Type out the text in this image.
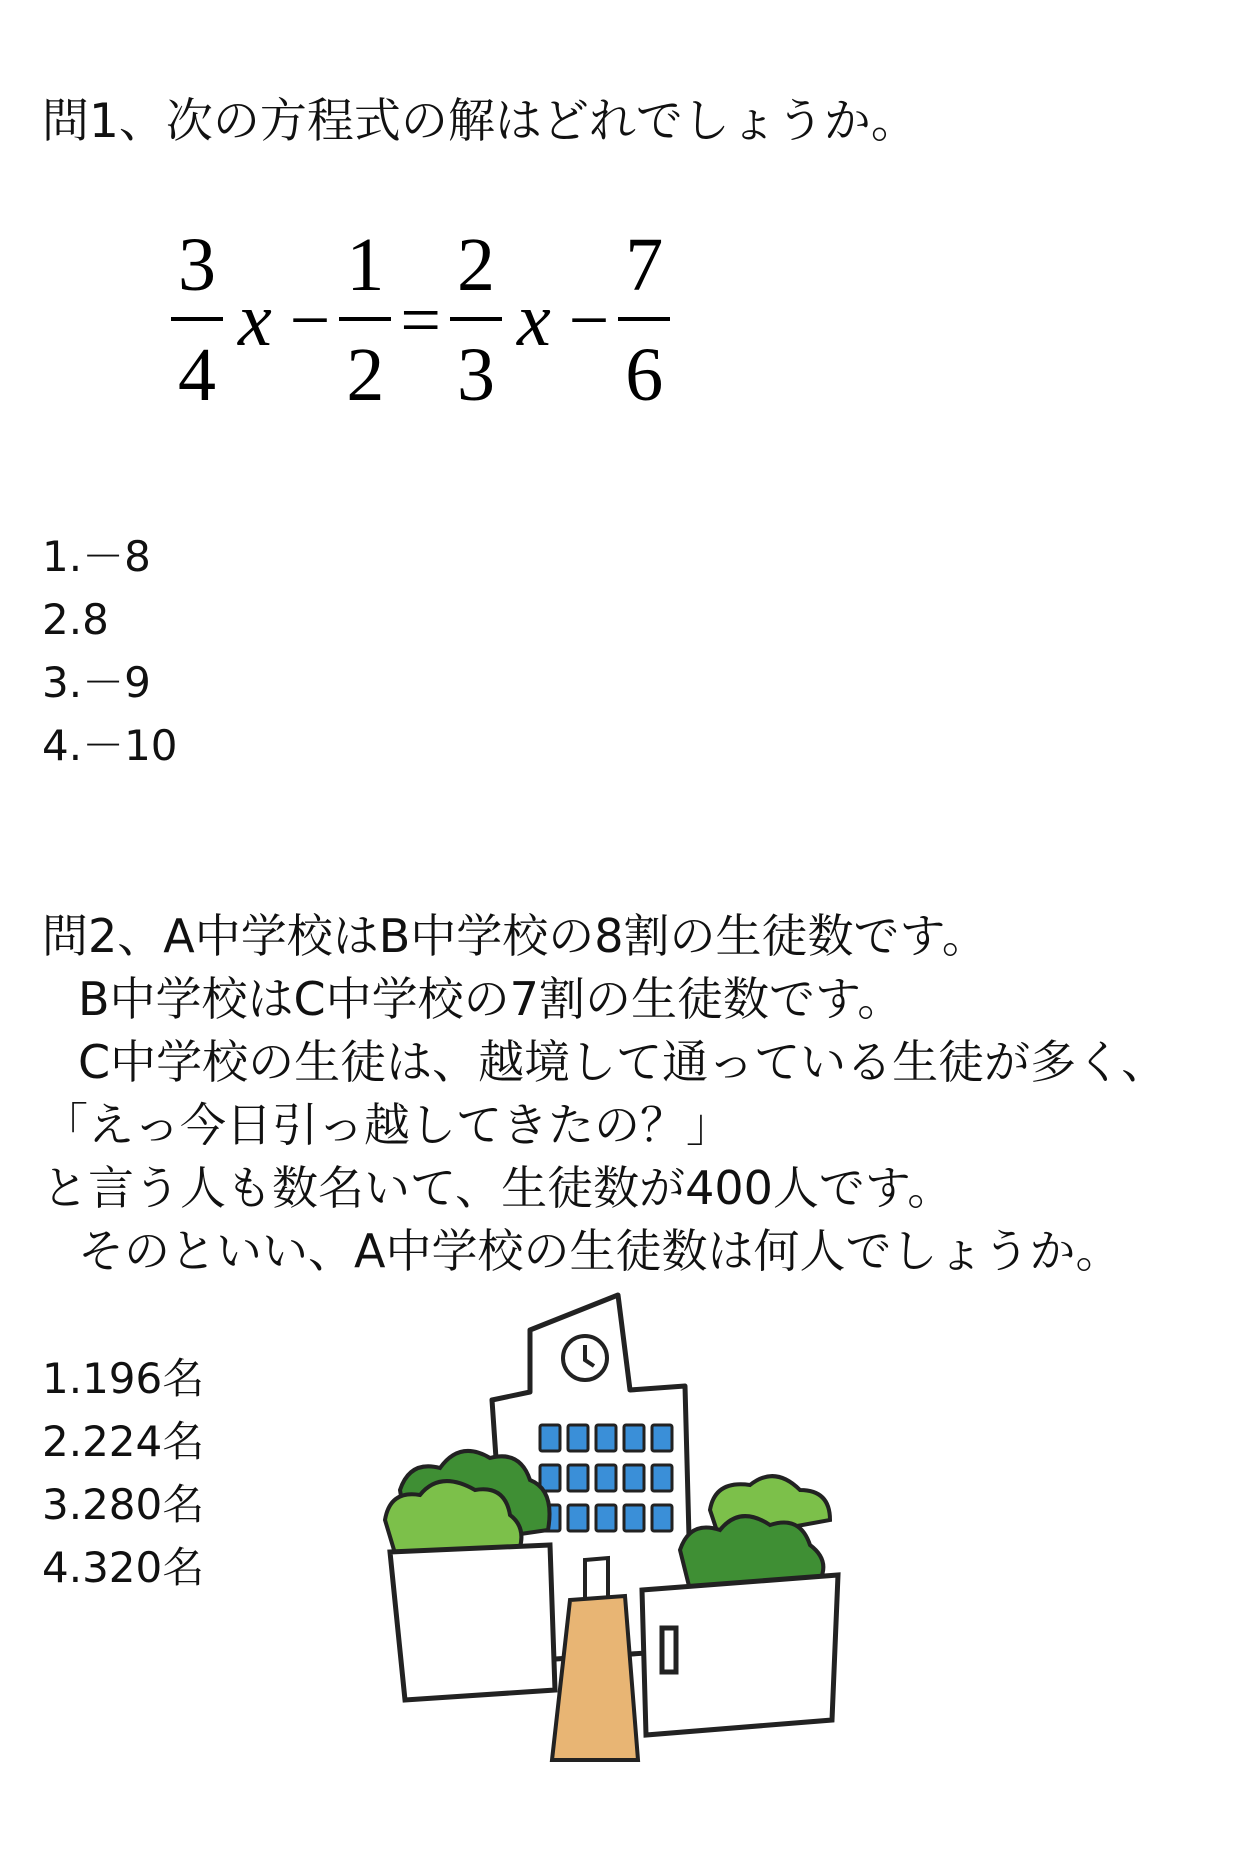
問1、次の方程式の解はどれでしょうか。
$\frac{3}{4}$ $x - \frac{1}{2} = \frac{2}{3}$ $x - \frac{7}{6}$
1.－8
2.8
3.－9
4.－10
問2、A中学校はB中学校の8割の生徒数です。
B中学校はC中学校の7割の生徒数です。
C中学校の生徒は、越境して通っている生徒が多く、
「えっ今日引っ越してきたの？」
と言う人も数名いて、生徒数が400人です。
そのといい、A中学校の生徒数は何人でしょうか。
1.196名
2.224名
3.280名
4.320名
